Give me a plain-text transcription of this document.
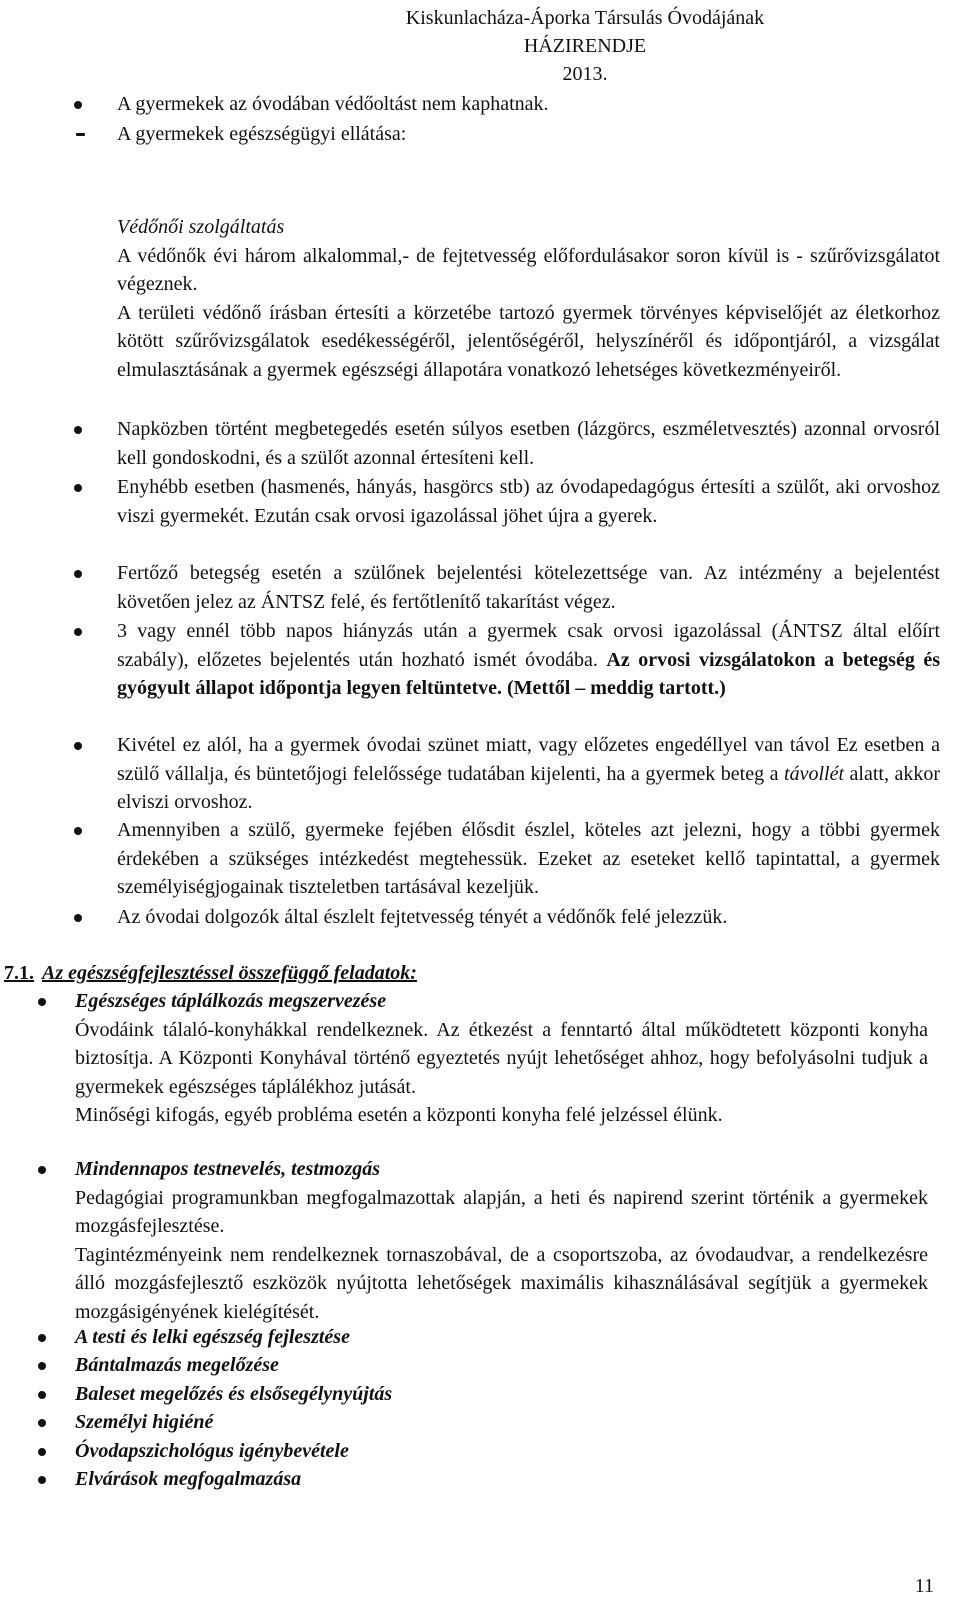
Kiskunlacháza-Áporka Társulás Óvodájának
HÁZIRENDJE
2013.
A gyermekek az óvodában védőoltást nem kaphatnak.
A gyermekek egészségügyi ellátása:

Védőnői szolgáltatás

A védőnők évi három alkalommal,- de fejtetvesség előfordulásakor soron kívül is - szűrővizsgálatot végeznek.

A területi védőnő írásban értesíti a körzetébe tartozó gyermek törvényes képviselőjét az életkorhoz kötött szűrővizsgálatok esedékességéről, jelentőségéről, helyszínéről és időpontjáról, a vizsgálat elmulasztásának a gyermek egészségi állapotára vonatkozó lehetséges következményeiről.

Napközben történt megbetegedés esetén súlyos esetben (lázgörcs, eszméletvesztés) azonnal orvosról kell gondoskodni, és a szülőt azonnal értesíteni kell.
Enyhébb esetben (hasmenés, hányás, hasgörcs stb) az óvodapedagógus értesíti a szülőt, aki orvoshoz viszi gyermekét. Ezután csak orvosi igazolással jöhet újra a gyerek.
Fertőző betegség esetén a szülőnek bejelentési kötelezettsége van. Az intézmény a bejelentést követően jelez az ÁNTSZ felé, és fertőtlenítő takarítást végez.
3 vagy ennél több napos hiányzás után a gyermek csak orvosi igazolással (ÁNTSZ által előírt szabály), előzetes bejelentés után hozható ismét óvodába. Az orvosi vizsgálatokon a betegség és gyógyult állapot időpontja legyen feltüntetve. (Mettől – meddig tartott.)
Kivétel ez alól, ha a gyermek óvodai szünet miatt, vagy előzetes engedéllyel van távol Ez esetben a szülő vállalja, és büntetőjogi felelőssége tudatában kijelenti, ha a gyermek beteg a távollét alatt, akkor elviszi orvoshoz.
Amennyiben a szülő, gyermeke fejében élősdit észlel, köteles azt jelezni, hogy a többi gyermek érdekében a szükséges intézkedést megtehessük. Ezeket az eseteket kellő tapintattal, a gyermek személyiségjogainak tiszteletben tartásával kezeljük.
Az óvodai dolgozók által észlelt fejtetvesség tényét a védőnők felé jelezzük.
7.1. Az egészségfejlesztéssel összefüggő feladatok:

Egészséges táplálkozás megszervezése

Óvodáink tálaló-konyhákkal rendelkeznek. Az étkezést a fenntartó által működtetett központi konyha biztosítja. A Központi Konyhával történő egyeztetés nyújt lehetőséget ahhoz, hogy befolyásolni tudjuk a gyermekek egészséges táplálékhoz jutását.

Minőségi kifogás, egyéb probléma esetén a központi konyha felé jelzéssel élünk.

Mindennapos testnevelés, testmozgás

Pedagógiai programunkban megfogalmazottak alapján, a heti és napirend szerint történik a gyermekek mozgásfejlesztése.

Tagintézményeink nem rendelkeznek tornaszobával, de a csoportszoba, az óvodaudvar, a rendelkezésre álló mozgásfejlesztő eszközök nyújtotta lehetőségek maximális kihasználásával segítjük a gyermekek mozgásigényének kielégítését.

A testi és lelki egészség fejlesztése
Bántalmazás megelőzése
Baleset megelőzés és elsősegélynyújtás
Személyi higiéné
Óvodapszichológus igénybevétele
Elvárások megfogalmazása
11
